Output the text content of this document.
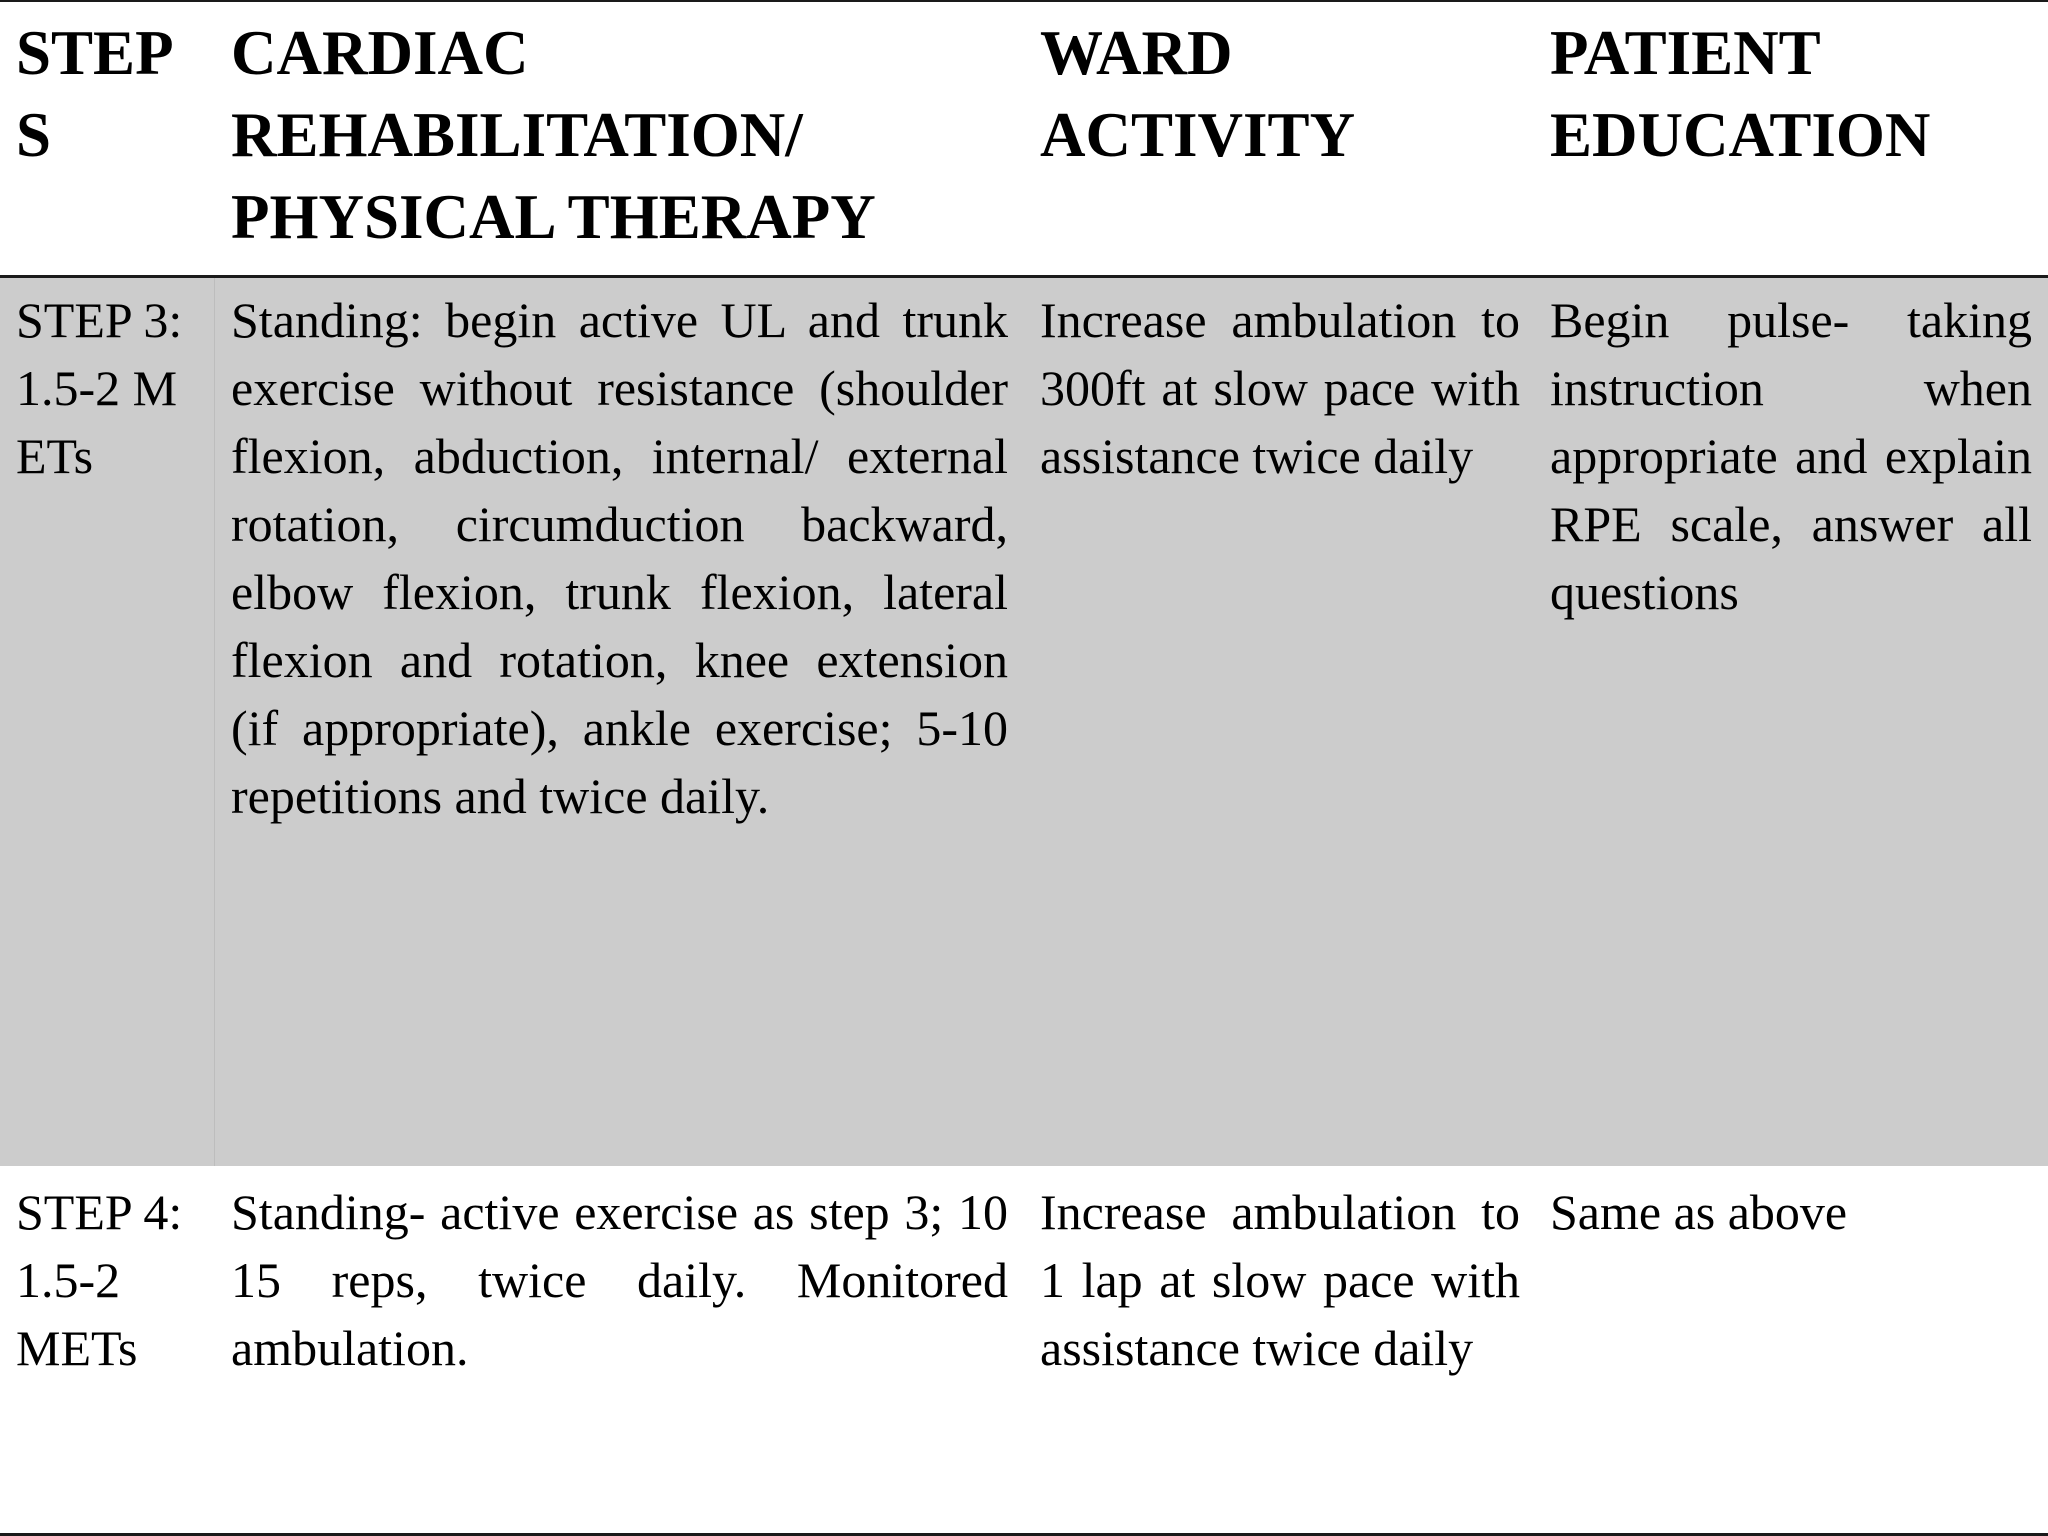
STEPS
CARDIAC REHABILITATION/ PHYSICAL THERAPY
WARD ACTIVITY
PATIENT EDUCATION
STEP 3: 1.5-2 METs
Standing: begin active UL and trunk exercise without resistance (shoulder flexion, abduction, internal/ external rotation, circumduction backward, elbow flexion, trunk flexion, lateral flexion and rotation, knee extension (if appropriate), ankle exercise; 5-10 repetitions and twice daily.
Increase ambulation to 300ft at slow pace with assistance twice daily
Begin pulse- taking instruction when appropriate and explain RPE scale, answer all questions
STEP 4: 1.5-2 METs
Standing- active exercise as step 3; 10 15 reps, twice daily. Monitored ambulation.
Increase ambulation to 1 lap at slow pace with assistance twice daily
Same as above
